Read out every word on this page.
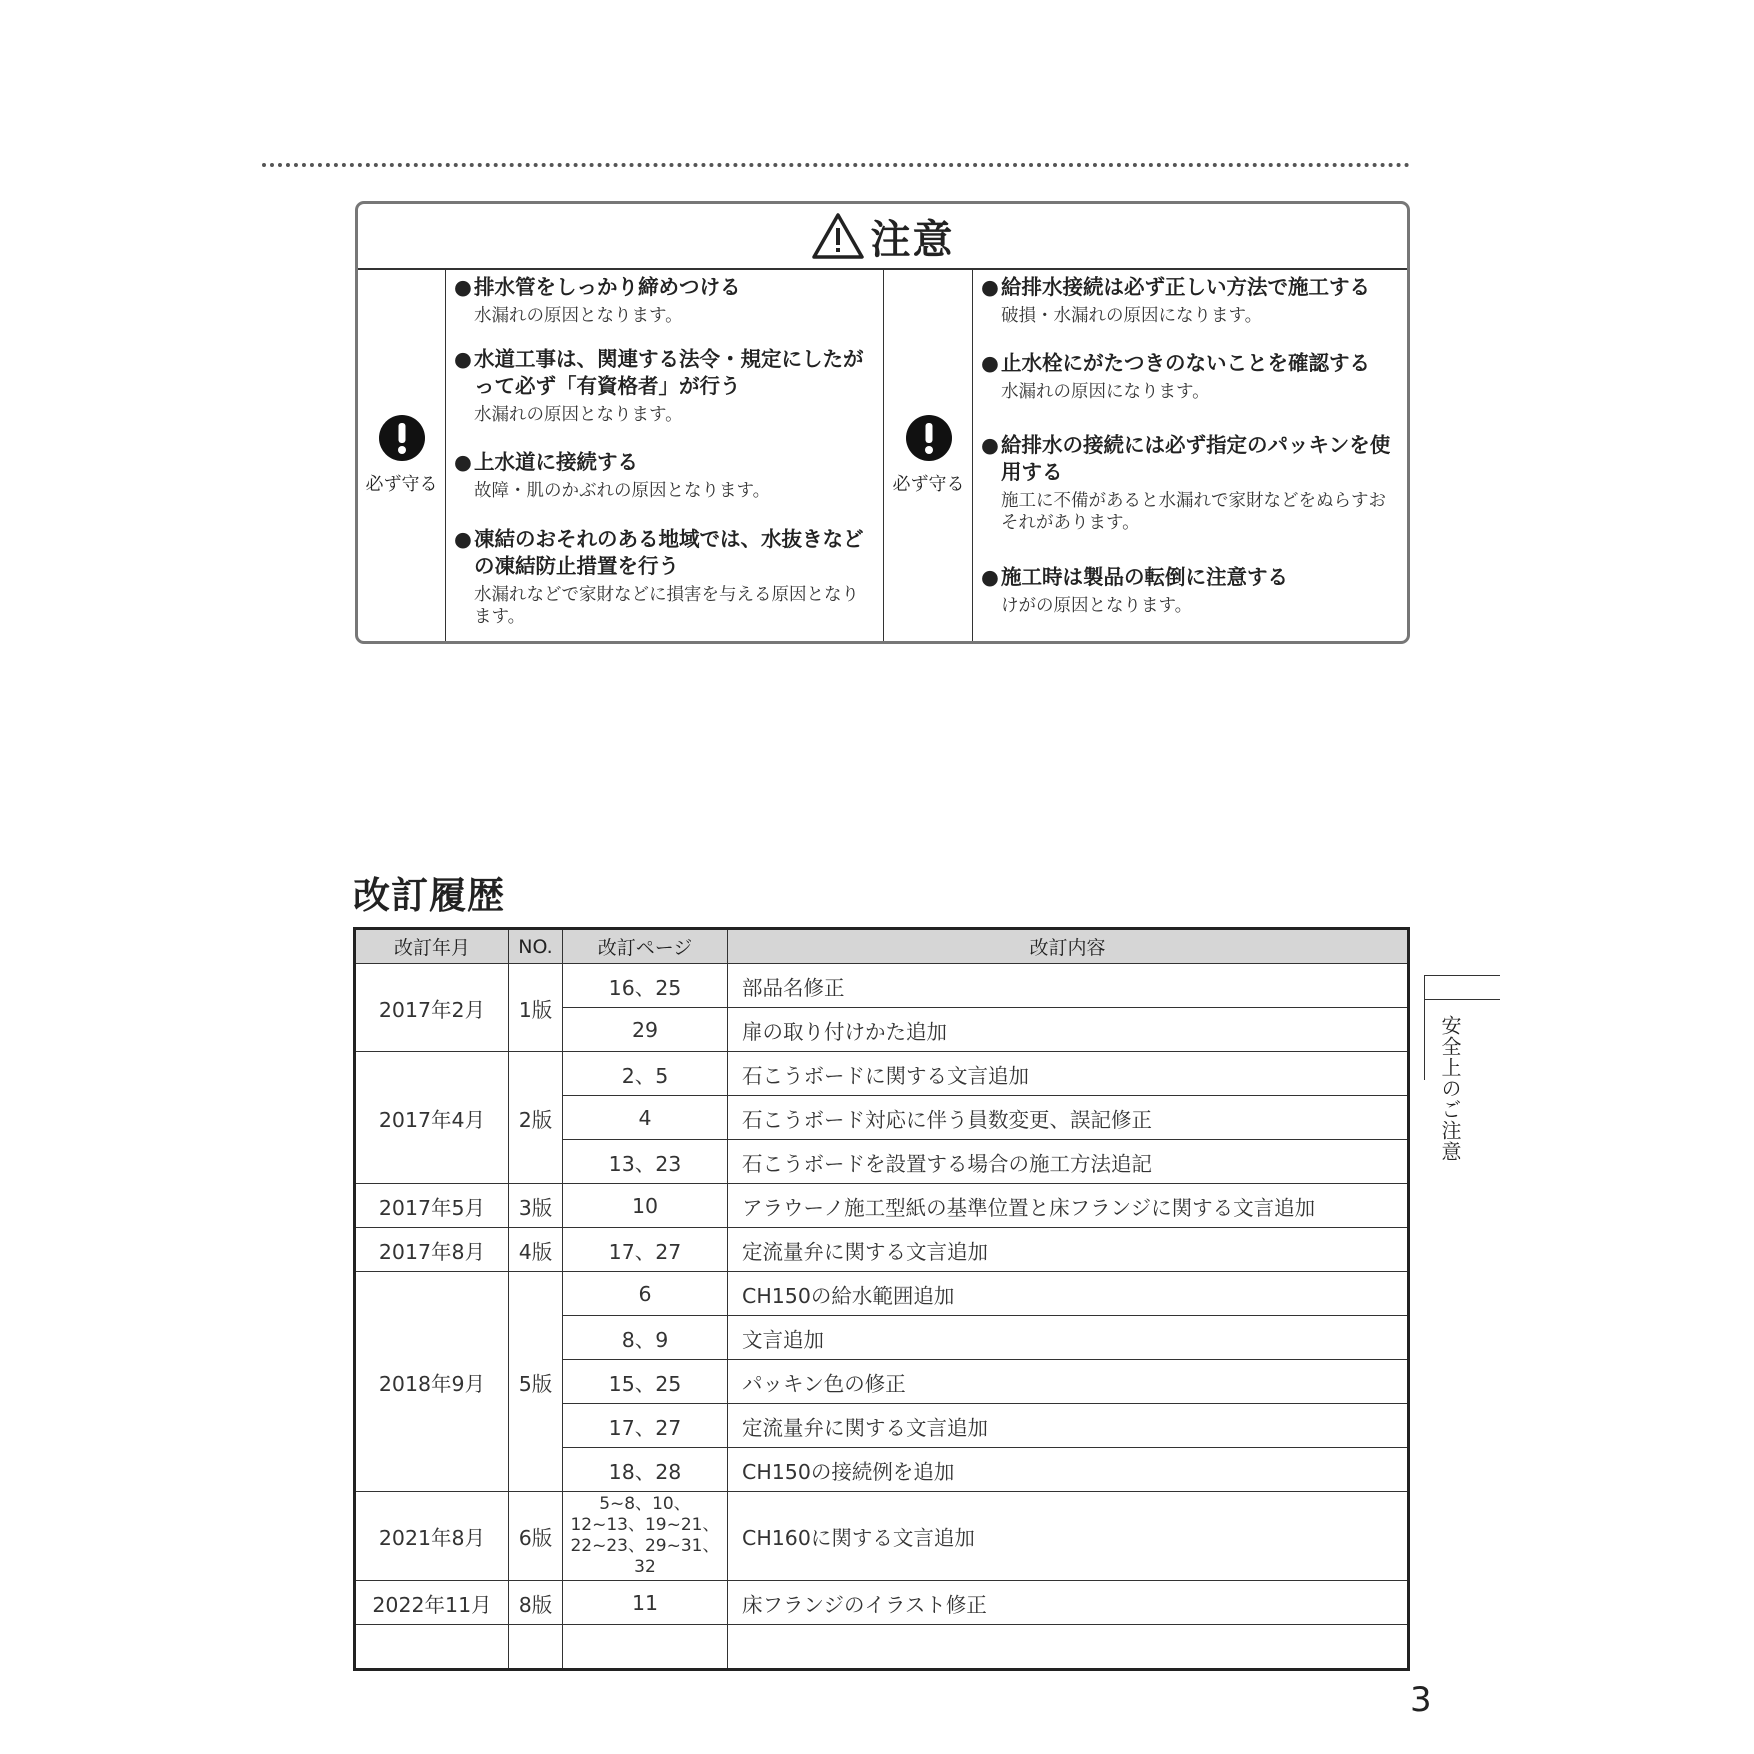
注意
必ず守る
● 排水管をしっかり締めつける
水漏れの原因となります。
● 水道工事は、関連する法令・規定にしたがって必ず「有資格者」が行う
水漏れの原因となります。
● 上水道に接続する
故障・肌のかぶれの原因となります。
● 凍結のおそれのある地域では、水抜きなどの凍結防止措置を行う
水漏れなどで家財などに損害を与える原因となります。
必ず守る
● 給排水接続は必ず正しい方法で施工する
破損・水漏れの原因になります。
● 止水栓にがたつきのないことを確認する
水漏れの原因になります。
● 給排水の接続には必ず指定のパッキンを使用する
施工に不備があると水漏れで家財などをぬらすおそれがあります。
● 施工時は製品の転倒に注意する
けがの原因となります。
改訂履歴
改訂年月	NO.	改訂ページ	改訂内容
2017年2月	1版	16、25	部品名修正
		29	扉の取り付けかた追加
2017年4月	2版	2、5	石こうボードに関する文言追加
		4	石こうボード対応に伴う員数変更、誤記修正
		13、23	石こうボードを設置する場合の施工方法追記
2017年5月	3版	10	アラウーノ施工型紙の基準位置と床フランジに関する文言追加
2017年8月	4版	17、27	定流量弁に関する文言追加
2018年9月	5版	6	CH150の給水範囲追加
		8、9	文言追加
		15、25	パッキン色の修正
		17、27	定流量弁に関する文言追加
		18、28	CH150の接続例を追加
2021年8月	6版	5~8、10、12~13、19~21、22~23、29~31、32	CH160に関する文言追加
2022年11月	8版	11	床フランジのイラスト修正

安全上のご注意
3
